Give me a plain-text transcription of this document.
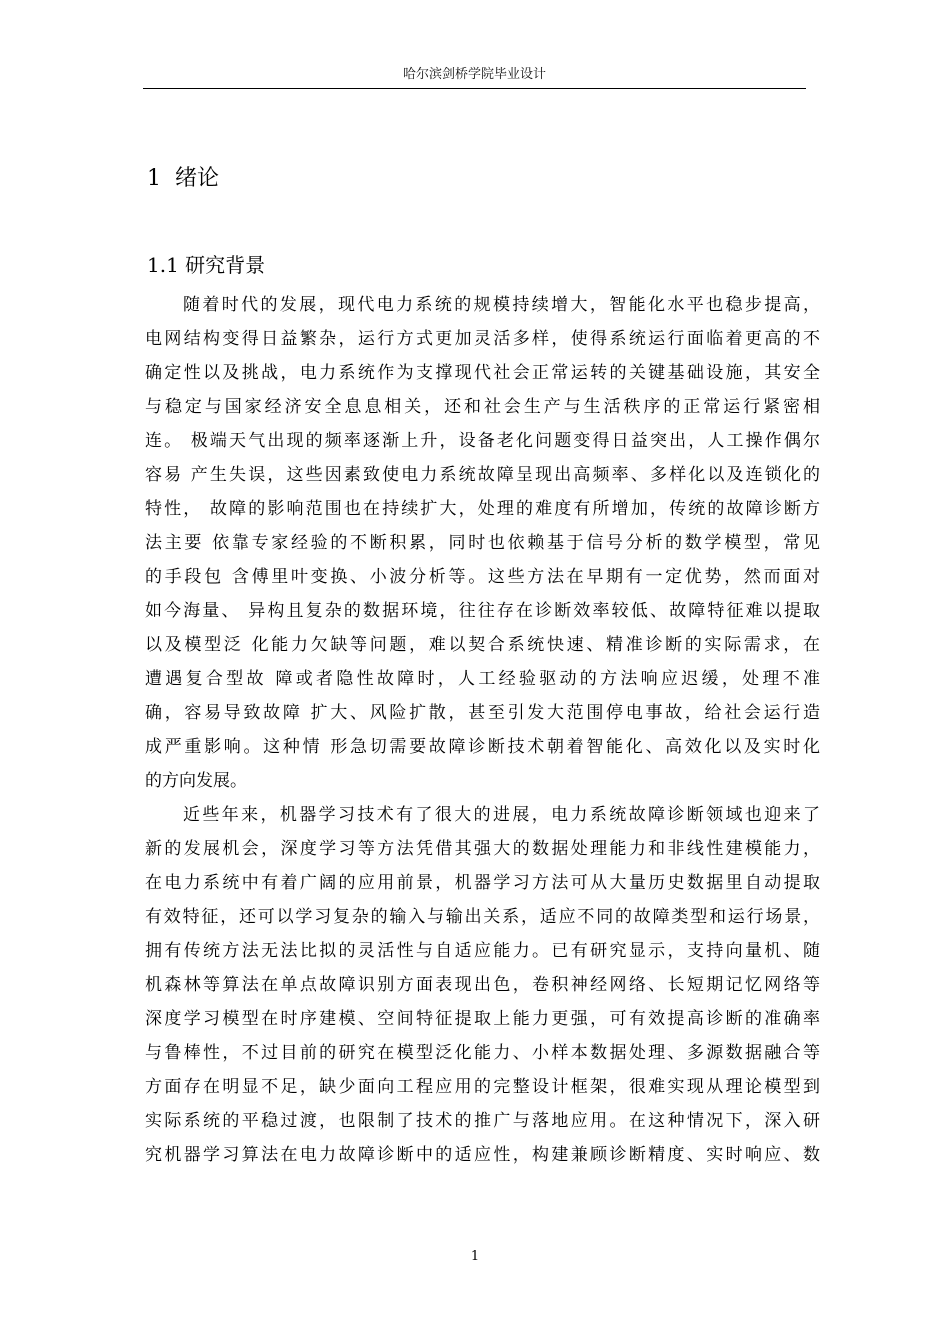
哈尔滨剑桥学院毕业设计
1  绪论
1.1 研究背景
随着时代的发展，现代电力系统的规模持续增大，智能化水平也稳步提高，
电网结构变得日益繁杂，运行方式更加灵活多样，使得系统运行面临着更高的不
确定性以及挑战，电力系统作为支撑现代社会正常运转的关键基础设施，其安全
与稳定与国家经济安全息息相关，还和社会生产与生活秩序的正常运行紧密相
连。 极端天气出现的频率逐渐上升，设备老化问题变得日益突出，人工操作偶尔
容易 产生失误，这些因素致使电力系统故障呈现出高频率、多样化以及连锁化的
特性， 故障的影响范围也在持续扩大，处理的难度有所增加，传统的故障诊断方
法主要 依靠专家经验的不断积累，同时也依赖基于信号分析的数学模型，常见
的手段包 含傅里叶变换、小波分析等。这些方法在早期有一定优势，然而面对
如今海量、 异构且复杂的数据环境，往往存在诊断效率较低、故障特征难以提取
以及模型泛 化能力欠缺等问题，难以契合系统快速、精准诊断的实际需求，在
遭遇复合型故 障或者隐性故障时，人工经验驱动的方法响应迟缓，处理不准
确，容易导致故障 扩大、风险扩散，甚至引发大范围停电事故，给社会运行造
成严重影响。这种情 形急切需要故障诊断技术朝着智能化、高效化以及实时化
的方向发展。
近些年来，机器学习技术有了很大的进展，电力系统故障诊断领域也迎来了
新的发展机会，深度学习等方法凭借其强大的数据处理能力和非线性建模能力，
在电力系统中有着广阔的应用前景，机器学习方法可从大量历史数据里自动提取
有效特征，还可以学习复杂的输入与输出关系，适应不同的故障类型和运行场景，
拥有传统方法无法比拟的灵活性与自适应能力。已有研究显示，支持向量机、随
机森林等算法在单点故障识别方面表现出色，卷积神经网络、长短期记忆网络等
深度学习模型在时序建模、空间特征提取上能力更强，可有效提高诊断的准确率
与鲁棒性，不过目前的研究在模型泛化能力、小样本数据处理、多源数据融合等
方面存在明显不足，缺少面向工程应用的完整设计框架，很难实现从理论模型到
实际系统的平稳过渡，也限制了技术的推广与落地应用。在这种情况下，深入研
究机器学习算法在电力故障诊断中的适应性，构建兼顾诊断精度、实时响应、数
1
